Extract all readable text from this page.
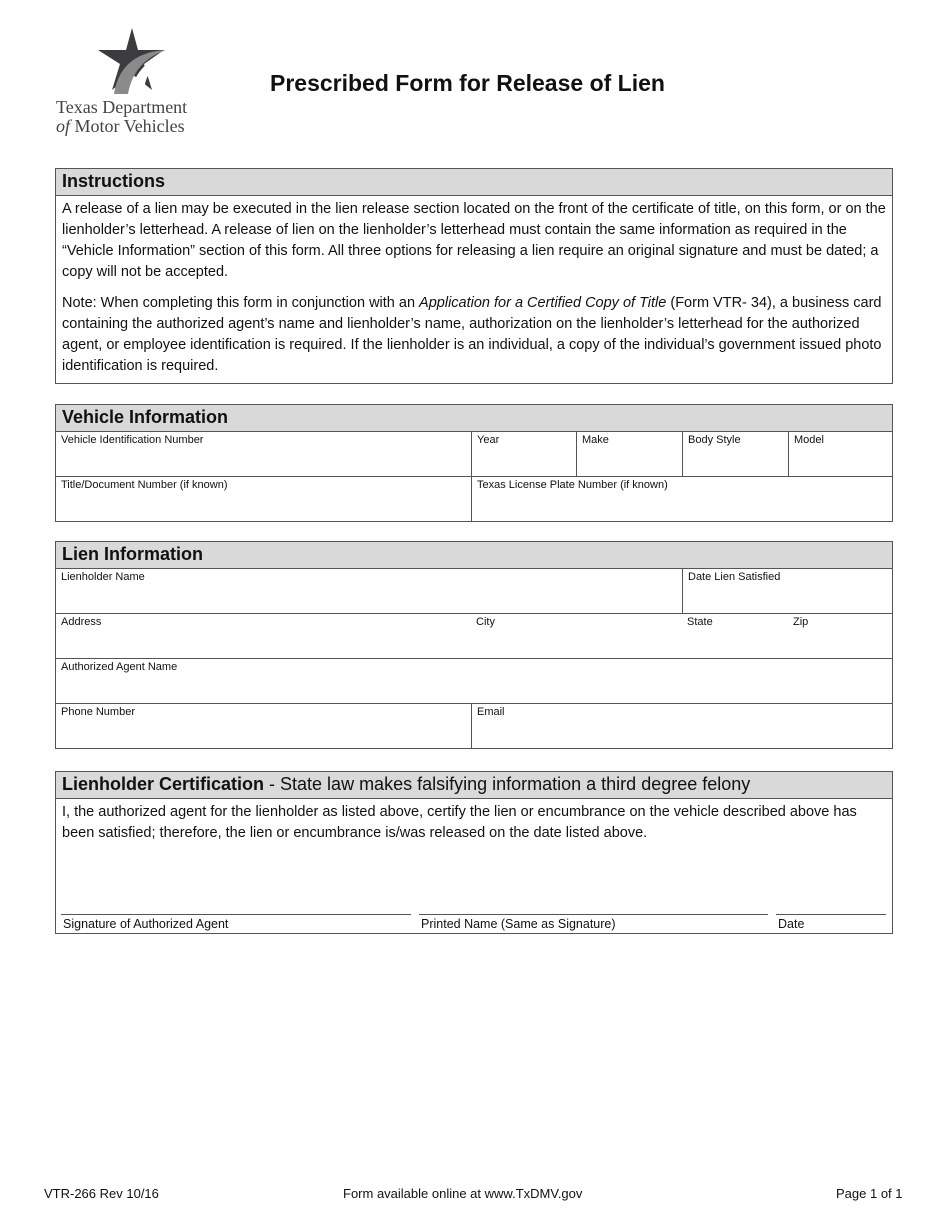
Texas Department
of Motor Vehicles
Prescribed Form for Release of Lien
Instructions

A release of a lien may be executed in the lien release section located on the front of the certificate of title, on this form, or on the lienholder’s letterhead. A release of lien on the lienholder’s letterhead must contain the same information as required in the “Vehicle Information” section of this form. All three options for releasing a lien require an original signature and must be dated; a copy will not be accepted.

Note: When completing this form in conjunction with an Application for a Certified Copy of Title (Form VTR- 34), a business card containing the authorized agent’s name and lienholder’s name, authorization on the lienholder’s letterhead for the authorized agent, or employee identification is required. If the lienholder is an individual, a copy of the individual’s government issued photo identification is required.

Vehicle Information
Vehicle Identification Number	Year	Make	Body Style	Model
Title/Document Number (if known)	Texas License Plate Number (if known)
Lien Information
Lienholder Name	Date Lien Satisfied
Address	City	State	Zip
Authorized Agent Name
Phone Number	Email
Lienholder Certification - State law makes falsifying information a third degree felony
I, the authorized agent for the lienholder as listed above, certify the lien or encumbrance on the vehicle described above has been satisfied; therefore, the lien or encumbrance is/was released on the date listed above.
Signature of Authorized Agent	Printed Name (Same as Signature)	Date
VTR-266 Rev 10/16	Form available online at www.TxDMV.gov	Page 1 of 1
